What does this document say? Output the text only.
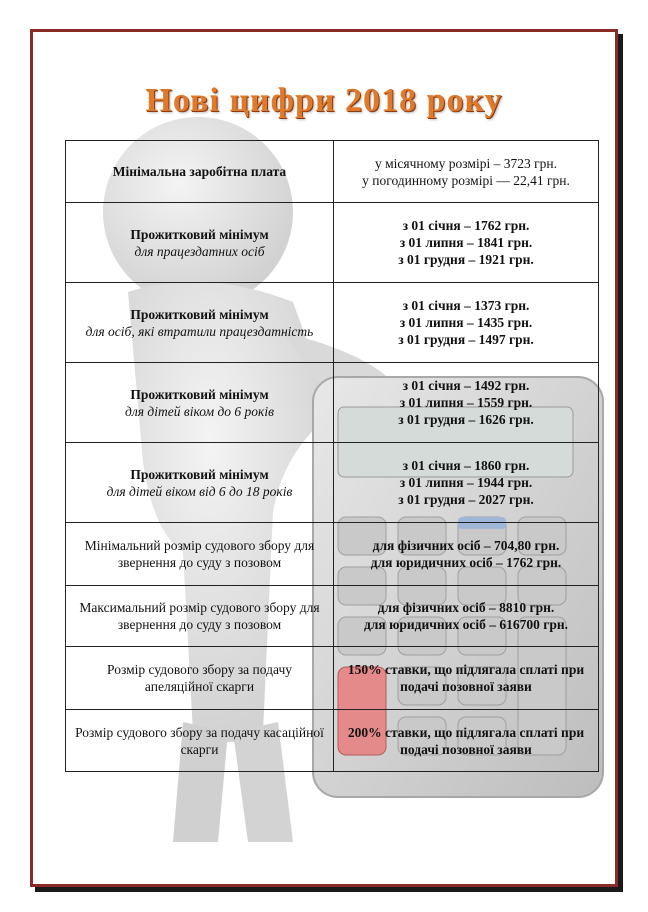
Нові цифри 2018 року
Мінімальна заробітна плата	у місячному розмірі – 3723 грн.
у погодинному розмірі — 22,41 грн.

Прожитковий мінімум
для працездатних осіб	з 01 січня – 1762 грн.
з 01 липня – 1841 грн.
з 01 грудня – 1921 грн.

Прожитковий мінімум
для осіб, які втратили працездатність	з 01 січня – 1373 грн.
з 01 липня – 1435 грн.
з 01 грудня – 1497 грн.

Прожитковий мінімум
для дітей віком до 6 років	з 01 січня – 1492 грн.
з 01 липня – 1559 грн.
з 01 грудня – 1626 грн.

Прожитковий мінімум
для дітей віком від 6 до 18 років	з 01 січня – 1860 грн.
з 01 липня – 1944 грн.
з 01 грудня – 2027 грн.

Мінімальний розмір судового збору для звернення до суду з позовом	для фізичних осіб – 704,80 грн.
для юридичних осіб – 1762 грн.

Максимальний розмір судового збору для звернення до суду з позовом	для фізичних осіб – 8810 грн.
для юридичних осіб – 616700 грн.

Розмір судового збору за подачу апеляційної скарги	150% ставки, що підлягала сплаті при подачі позовної заяви

Розмір судового збору за подачу касаційної скарги	200% ставки, що підлягала сплаті при подачі позовної заяви
